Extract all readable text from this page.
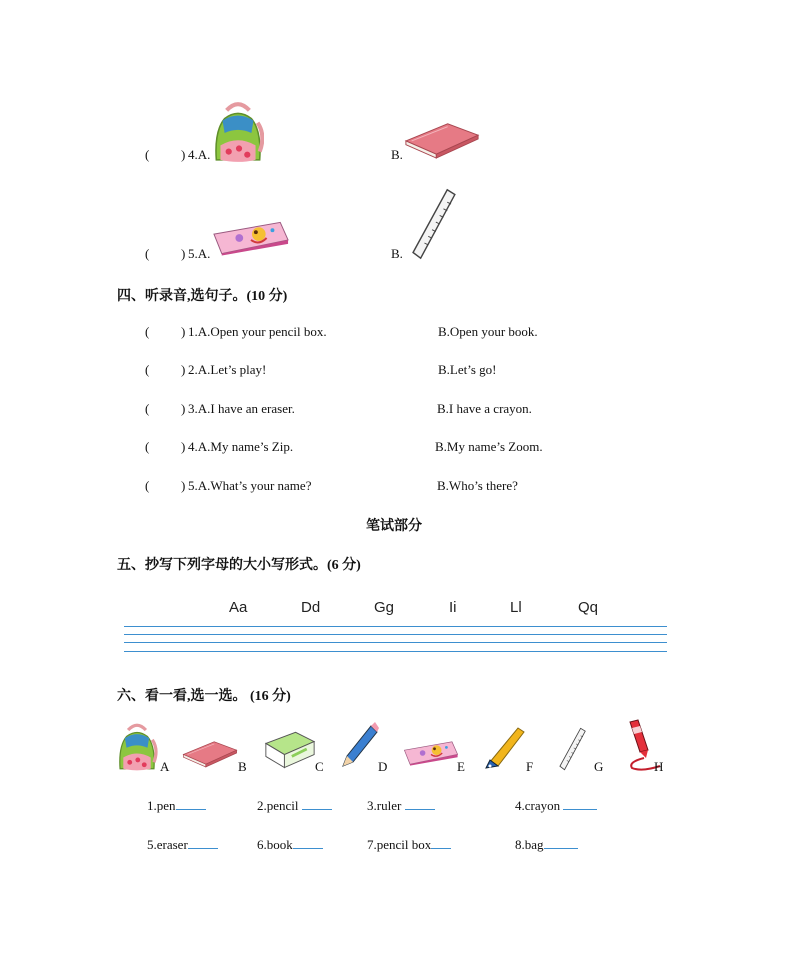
( ) 4.A.	B.
( ) 5.A.	B.
四、听录音,选句子。(10 分)
( ) 1.A.Open your pencil box.	B.Open your book.
( ) 2.A.Let’s play!	B.Let’s go!
( ) 3.A.I have an eraser.	B.I have a crayon.
( ) 4.A.My name’s Zip.	B.My name’s Zoom.
( ) 5.A.What’s your name?	B.Who’s there?
笔试部分
五、抄写下列字母的大小写形式。(6 分)
Aa	Dd	Gg	Ii	Ll	Qq
六、看一看,选一选。 (16 分)
A	B	C	D	E	F	G	H
1.pen	2.pencil	3.ruler	4.crayon
5.eraser	6.book	7.pencil box	8.bag
